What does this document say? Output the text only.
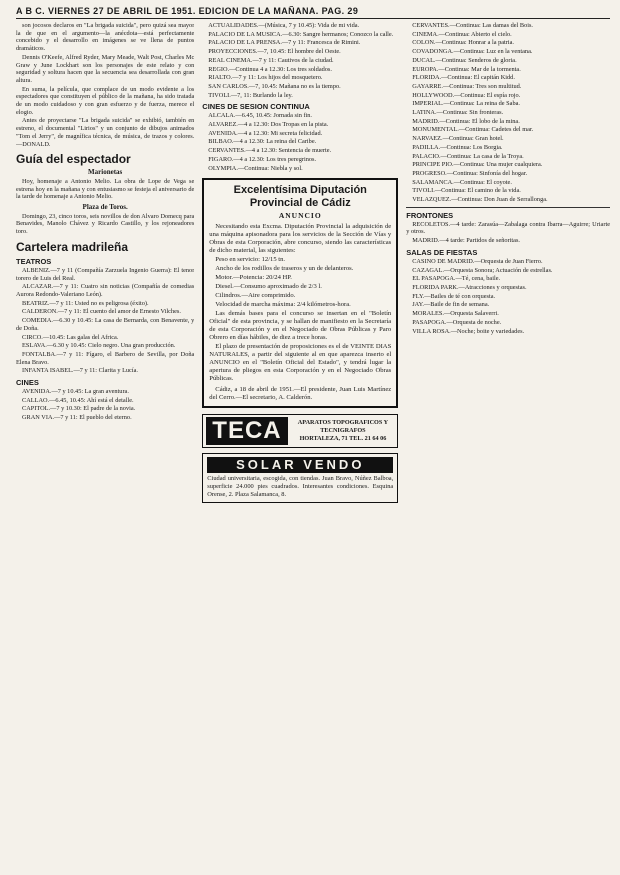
A B C. VIERNES 27 DE ABRIL DE 1951. EDICION DE LA MAÑANA. PAG. 29

son jocosos declaros en "La brigada suicida", pero quizá sea mayor la de que en el argumento—la anécdota—está perfectamente concebido y el desarrollo en imágenes se ve llena de puntos dramáticos.

Dennis O'Keefe, Alfred Ryder, Mary Meade, Walt Post, Charles Mc Graw y June Lockhart son los personajes de este relato y con seguridad y soltura hacen que la secuencia sea desarrollada con gran altura.

En suma, la película, que complace de un modo evidente a los espectadores que constituyen el público de la mañana, ha sido tratada de un modo cuidadoso y con gran esfuerzo y de fuerza, merece el elogio.

Antes de proyectarse "La brigada suicida" se exhibió, también en estreno, el documental "Lirios" y un conjunto de dibujos animados "Tom el Jerry", de magnífica técnica, de música, de trazos y colores.—DONALD.

Guía del espectador
Marionetas

Hoy, homenaje a Antonio Melio. La obra de Lope de Vega se estrena hoy en la mañana y con entusiasmo se festeja el aniversario de la tarde de homenaje a Antonio Melio.

Plaza de Toros.

Domingo, 23, cinco toros, seis novillos de don Alvaro Domecq para Benavides, Manolo Chávez y Ricardo Castillo, y los rejoneadores toro.

Cartelera madrileña
TEATROS

ALBENIZ.—7 y 11 (Compañía Zarzuela Ingenio Guerra): El tenor torero de Luis del Real.

ALCAZAR.—7 y 11: Cuatro sin noticias (Compañía de comedias Aurora Redondo-Valeriano León).

BEATRIZ.—7 y 11: Usted no es peligrosa (éxito).

CALDERON.—7 y 11: El cuento del amor de Ernesto Vilches.

COMEDIA.—6.30 y 10.45: La casa de Bernarda, con Benavente, y de Doña.

CIRCO.—10.45: Las galas del Africa.

ESLAVA.—6.30 y 10.45: Cielo negro. Una gran producción.

FONTALBA.—7 y 11: Fígaro, el Barbero de Sevilla, por Doña Elena Bravo.

INFANTA ISABEL.—7 y 11: Clarita y Lucía.

CINES

AVENIDA.—7 y 10.45: La gran aventura.

CALLAO.—6.45, 10.45: Ahí está el detalle.

CAPITOL.—7 y 10.30: El padre de la novia.

GRAN VIA.—7 y 11: El pueblo del eterno.

ACTUALIDADES.—(Música, 7 y 10.45): Vida de mi vida.

PALACIO DE LA MUSICA.—6.30: Sangre hermanos; Conozco la calle.

PALACIO DE LA PRENSA.—7 y 11: Francesca de Rimini.

PROYECCIONES.—7, 10.45: El hombre del Oeste.

REAL CINEMA.—7 y 11: Cautivos de la ciudad.

REGIO.—Continua 4 a 12.30: Los tres soldados.

RIALTO.—7 y 11: Los hijos del mosquetero.

SAN CARLOS.—7, 10.45: Mañana no es la tiempo.

TIVOLI.—7, 11: Burlando la ley.

CINES DE SESION CONTINUA

ALCALA.—6.45, 10.45: Jornada sin fin.

ALVAREZ.—4 a 12.30: Dos Tropas en la pista.

AVENIDA.—4 a 12.30: Mi secreta felicidad.

BILBAO.—4 a 12.30: La reina del Caribe.

CERVANTES.—4 a 12.30: Sentencia de muerte.

FIGARO.—4 a 12.30: Los tres peregrinos.

OLYMPIA.—Continua: Niebla y sol.

Excelentísima Diputación Provincial de Cádiz
ANUNCIO

Necesitando esta Excma. Diputación Provincial la adquisición de una máquina apisonadora para los servicios de la Sección de Vías y Obras de esta Corporación, abre concurso, siendo las características de dicho material, las siguientes:

Peso en servicio: 12/15 tn.

Ancho de los rodillos de traseros y un de delanteros.

Motor.—Potencia: 20/24 HP.

Diesel.—Consumo aproximado de 2/3 l.

Cilindros.—Aire comprimido.

Velocidad de marcha máxima: 2/4 kilómetros-hora.

Las demás bases para el concurso se insertan en el "Boletín Oficial" de esta provincia, y se hallan de manifiesto en la Secretaría de esta Corporación y en el Negociado de Obras Públicas y Paro Obrero en días hábiles, de diez a trece horas.

El plazo de presentación de proposiciones es el de VEINTE DIAS NATURALES, a partir del siguiente al en que aparezca inserto el ANUNCIO en el "Boletín Oficial del Estado", y tendrá lugar la apertura de pliegos en esta Corporación y en el Negociado Obras Públicas.

Cádiz, a 18 de abril de 1951.—El presidente, Juan Luis Martínez del Cerro.—El secretario, A. Calderón.
TECA	APARATOS TOPOGRAFICOS Y TECNIGRAFOS
HORTALEZA, 71 TEL. 21 64 06
SOLAR VENDO
Ciudad universitaria, escogida, con tiendas. Juan Bravo, Núñez Balboa, superficie 24.000 pies cuadrados. Interesantes condiciones. Esquina Orense, 2. Plaza Salamanca, 8.

CERVANTES.—Continua: Las damas del Bois.

CINEMA.—Continua: Abierto el cielo.

COLON.—Continua: Honrar a la patria.

COVADONGA.—Continua: Luz en la ventana.

DUCAL.—Continua: Senderos de gloria.

EUROPA.—Continua: Mar de la tormenta.

FLORIDA.—Continua: El capitán Kidd.

GAYARRE.—Continua: Tres son multitud.

HOLLYWOOD.—Continua: El espía rojo.

IMPERIAL.—Continua: La reina de Saba.

LATINA.—Continua: Sin fronteras.

MADRID.—Continua: El lobo de la mina.

MONUMENTAL.—Continua: Cadetes del mar.

NARVAEZ.—Continua: Gran hotel.

PADILLA.—Continua: Los Borgia.

PALACIO.—Continua: La casa de la Troya.

PRINCIPE PIO.—Continua: Una mujer cualquiera.

PROGRESO.—Continua: Sinfonía del hogar.

SALAMANCA.—Continua: El coyote.

TIVOLI.—Continua: El camino de la vida.

VELAZQUEZ.—Continua: Don Juan de Serrallonga.

FRONTONES

RECOLETOS.—4 tarde: Zarasúa—Zabalaga contra Ibarra—Aguirre; Uriarte y otros.

MADRID.—4 tarde: Partidos de señoritas.

SALAS DE FIESTAS

CASINO DE MADRID.—Orquesta de Juan Fierro.

CAZAGAL.—Orquesta Sonora; Actuación de estrellas.

EL PASAPOGA.—Té, cena, baile.

FLORIDA PARK.—Atracciones y orquestas.

FLY.—Bailes de té con orquesta.

JAY.—Baile de fin de semana.

MORALES.—Orquesta Salaverri.

PASAPOGA.—Orquesta de noche.

VILLA ROSA.—Noche; boite y variedades.
